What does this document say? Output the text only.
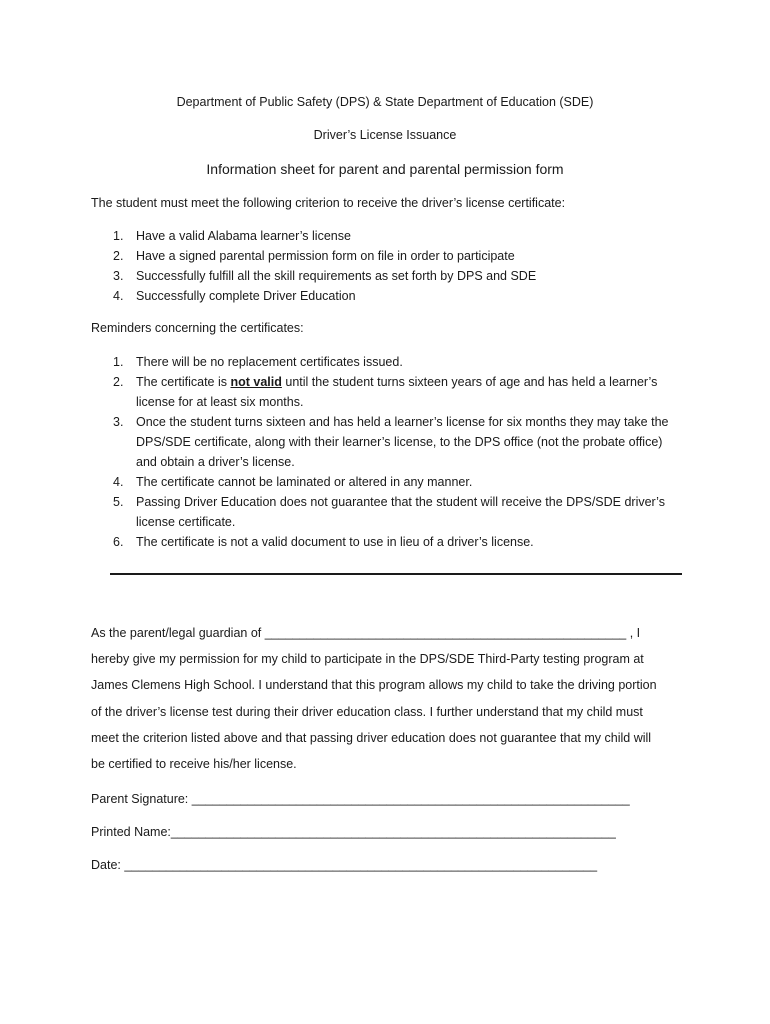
Department of Public Safety (DPS) & State Department of Education (SDE)
Driver’s License Issuance
Information sheet for parent and parental permission form
The student must meet the following criterion to receive the driver’s license certificate:
1. Have a valid Alabama learner’s license
2. Have a signed parental permission form on file in order to participate
3. Successfully fulfill all the skill requirements as set forth by DPS and SDE
4. Successfully complete Driver Education
Reminders concerning the certificates:
1. There will be no replacement certificates issued.
2. The certificate is not valid until the student turns sixteen years of age and has held a learner’s
license for at least six months.
3. Once the student turns sixteen and has held a learner’s license for six months they may take the
DPS/SDE certificate, along with their learner’s license, to the DPS office (not the probate office)
and obtain a driver’s license.
4. The certificate cannot be laminated or altered in any manner.
5. Passing Driver Education does not guarantee that the student will receive the DPS/SDE driver’s
license certificate.
6. The certificate is not a valid document to use in lieu of a driver’s license.
As the parent/legal guardian of ____________________________________________________ , I
hereby give my permission for my child to participate in the DPS/SDE Third-Party testing program at
James Clemens High School. I understand that this program allows my child to take the driving portion
of the driver’s license test during their driver education class. I further understand that my child must
meet the criterion listed above and that passing driver education does not guarantee that my child will
be certified to receive his/her license.
Parent Signature: _______________________________________________________________
Printed Name:________________________________________________________________
Date: ____________________________________________________________________
